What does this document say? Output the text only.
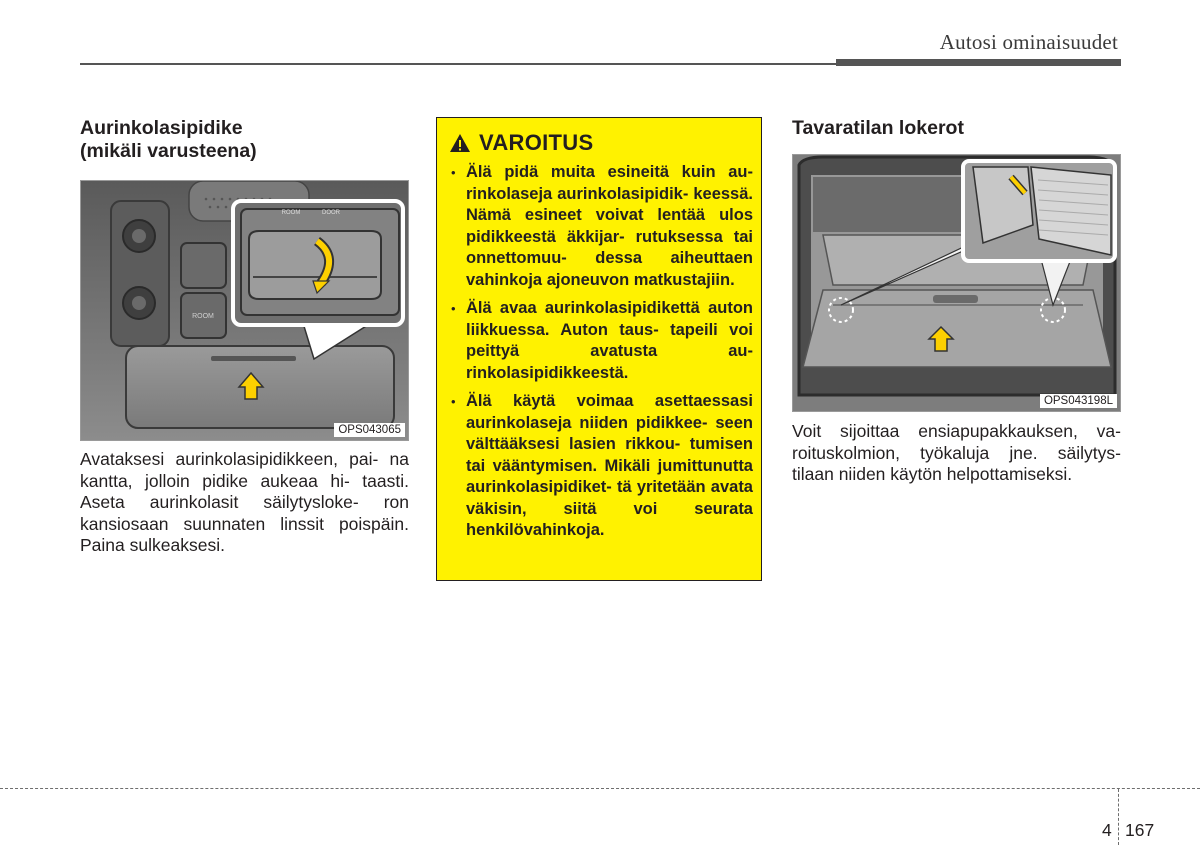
Autosi ominaisuudet
Aurinkolasipidike
(mikäli varusteena)
ROOM
ROOM	DOOR
OPS043065

Avataksesi aurinkolasipidikkeen, pai- na kantta, jolloin pidike aukeaa hi- taasti. Aseta aurinkolasit säilytysloke- ron kansiosaan suunnaten linssit poispäin. Paina sulkeaksesi.

VAROITUS
• Älä pidä muita esineitä kuin au- rinkolaseja aurinkolasipidik- keessä. Nämä esineet voivat lentää ulos pidikkeestä äkkijar- rutuksessa tai onnettomuu- dessa aiheuttaen vahinkoja ajoneuvon matkustajiin.
• Älä avaa aurinkolasipidikettä auton liikkuessa. Auton taus- tapeili voi peittyä avatusta au- rinkolasipidikkeestä.
• Älä käytä voimaa asettaessasi aurinkolaseja niiden pidikkee- seen välttääksesi lasien rikkou- tumisen tai vääntymisen. Mikäli jumittunutta aurinkolasipidiket- tä yritetään avata väkisin, siitä voi seurata henkilövahinkoja.
Tavaratilan lokerot
OPS043198L

Voit sijoittaa ensiapupakkauksen, va- roituskolmion, työkaluja jne. säilytys- tilaan niiden käytön helpottamiseksi.

4 167
